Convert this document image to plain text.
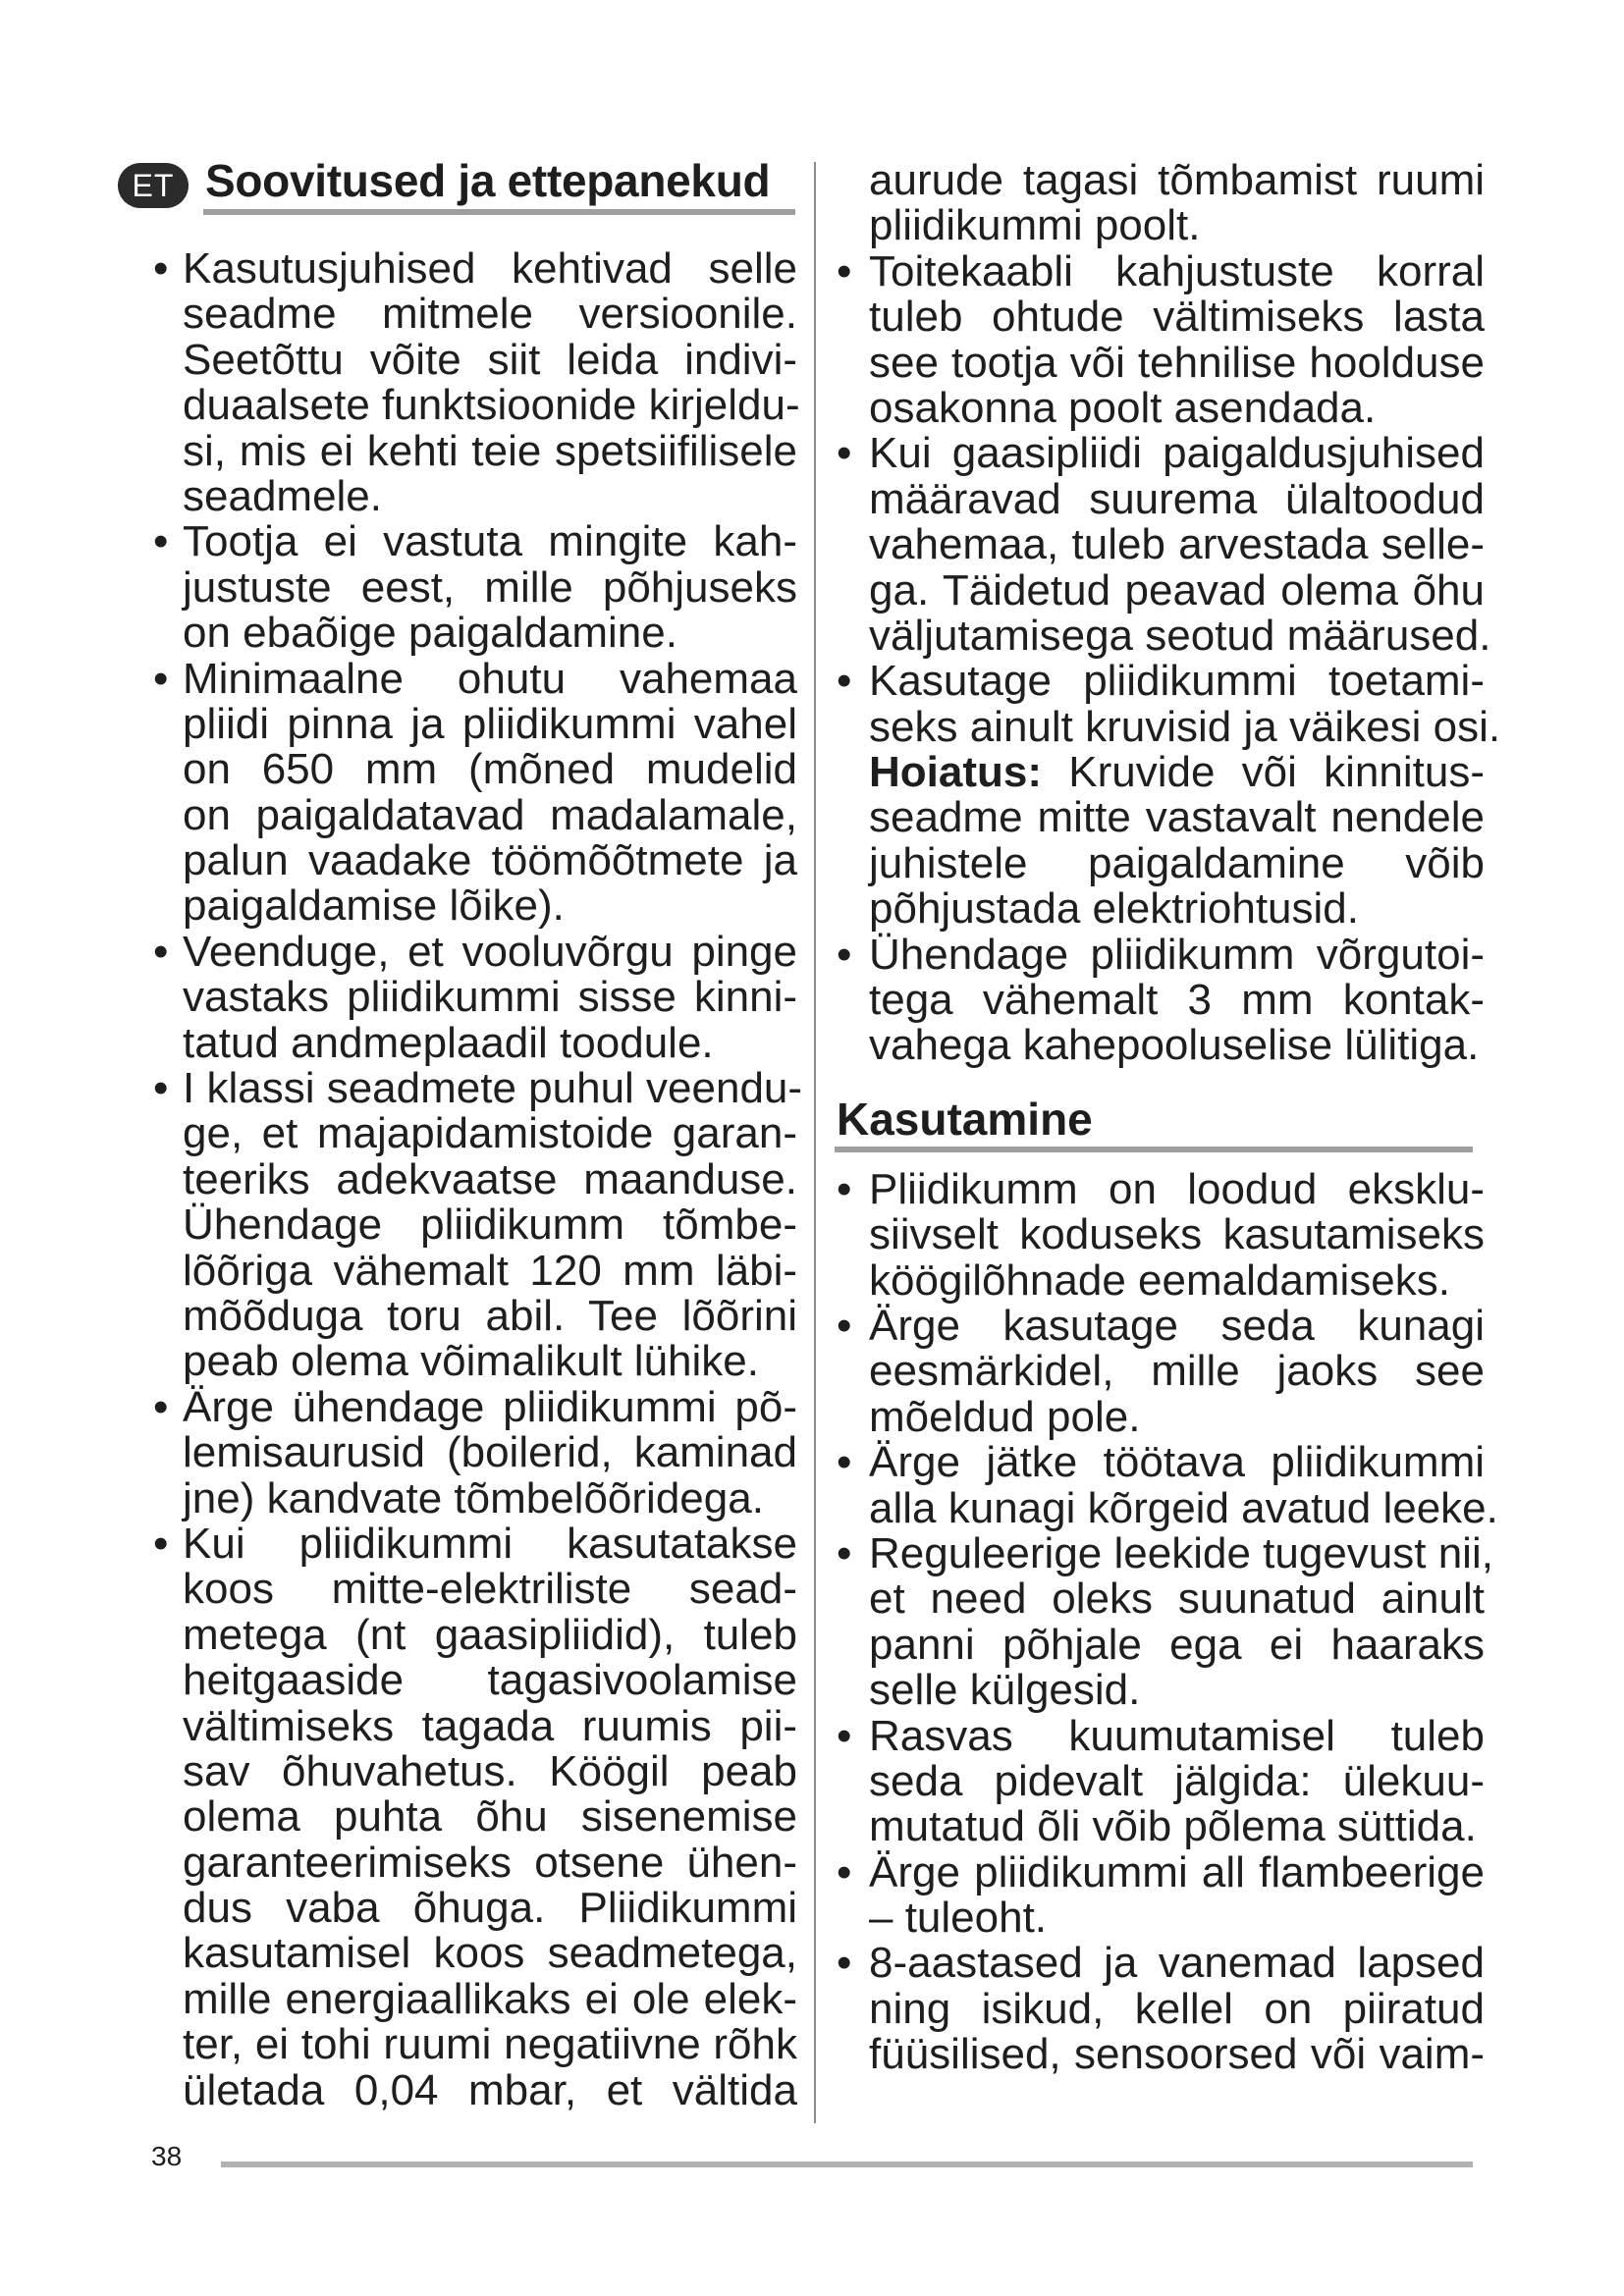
ET Soovitused ja ettepanekud
• Kasutusjuhised kehtivad selle
seadme mitmele versioonile.
Seetõttu võite siit leida indivi-
duaalsete funktsioonide kirjeldu-
si, mis ei kehti teie spetsiifilisele
seadmele.
• Tootja ei vastuta mingite kah-
justuste eest, mille põhjuseks
on ebaõige paigaldamine.
• Minimaalne ohutu vahemaa
pliidi pinna ja pliidikummi vahel
on 650 mm (mõned mudelid
on paigaldatavad madalamale,
palun vaadake töömõõtmete ja
paigaldamise lõike).
• Veenduge, et vooluvõrgu pinge
vastaks pliidikummi sisse kinni-
tatud andmeplaadil toodule.
• I klassi seadmete puhul veendu-
ge, et majapidamistoide garan-
teeriks adekvaatse maanduse.
Ühendage pliidikumm tõmbe-
lõõriga vähemalt 120 mm läbi-
mõõduga toru abil. Tee lõõrini
peab olema võimalikult lühike.
• Ärge ühendage pliidikummi põ-
lemisaurusid (boilerid, kaminad
jne) kandvate tõmbelõõridega.
• Kui pliidikummi kasutatakse
koos mitte-elektriliste sead-
metega (nt gaasipliidid), tuleb
heitgaaside tagasivoolamise
vältimiseks tagada ruumis pii-
sav õhuvahetus. Köögil peab
olema puhta õhu sisenemise
garanteerimiseks otsene ühen-
dus vaba õhuga. Pliidikummi
kasutamisel koos seadmetega,
mille energiaallikaks ei ole elek-
ter, ei tohi ruumi negatiivne rõhk
ületada 0,04 mbar, et vältida
aurude tagasi tõmbamist ruumi
pliidikummi poolt.
• Toitekaabli kahjustuste korral
tuleb ohtude vältimiseks lasta
see tootja või tehnilise hoolduse
osakonna poolt asendada.
• Kui gaasipliidi paigaldusjuhised
määravad suurema ülaltoodud
vahemaa, tuleb arvestada selle-
ga. Täidetud peavad olema õhu
väljutamisega seotud määrused.
• Kasutage pliidikummi toetami-
seks ainult kruvisid ja väikesi osi.
Hoiatus: Kruvide või kinnitus-
seadme mitte vastavalt nendele
juhistele paigaldamine võib
põhjustada elektriohtusid.
• Ühendage pliidikumm võrgutoi-
tega vähemalt 3 mm kontak-
vahega kahepooluselise lülitiga.
Kasutamine
• Pliidikumm on loodud eksklu-
siivselt koduseks kasutamiseks
köögilõhnade eemaldamiseks.
• Ärge kasutage seda kunagi
eesmärkidel, mille jaoks see
mõeldud pole.
• Ärge jätke töötava pliidikummi
alla kunagi kõrgeid avatud leeke.
• Reguleerige leekide tugevust nii,
et need oleks suunatud ainult
panni põhjale ega ei haaraks
selle külgesid.
• Rasvas kuumutamisel tuleb
seda pidevalt jälgida: ülekuu-
mutatud õli võib põlema süttida.
• Ärge pliidikummi all flambeerige
– tuleoht.
• 8-aastased ja vanemad lapsed
ning isikud, kellel on piiratud
füüsilised, sensoorsed või vaim-
38
